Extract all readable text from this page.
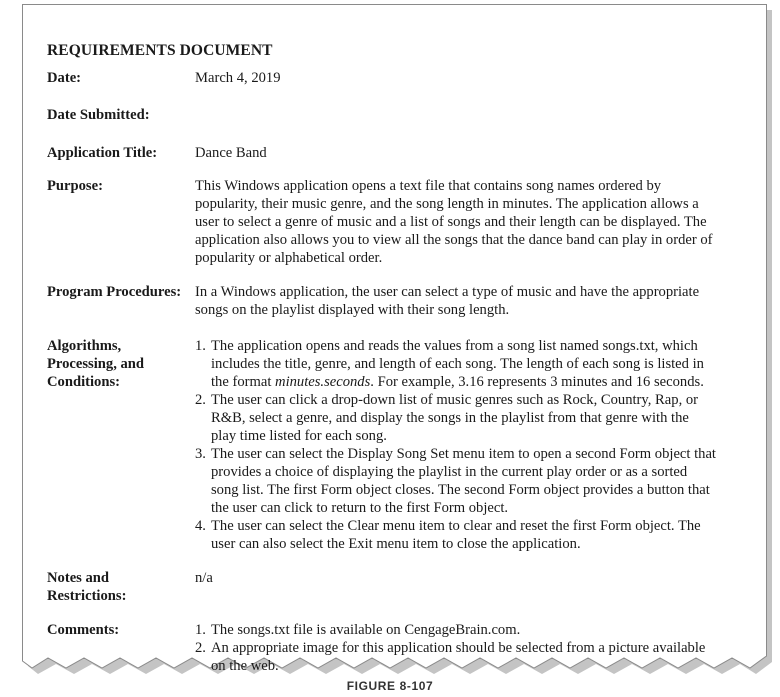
REQUIREMENTS DOCUMENT
Date:	March 4, 2019
Date Submitted:
Application Title:	Dance Band
Purpose:	This Windows application opens a text file that contains song names ordered by popularity, their music genre, and the song length in minutes. The application allows a user to select a genre of music and a list of songs and their length can be displayed. The application also allows you to view all the songs that the dance band can play in order of popularity or alphabetical order.
Program Procedures: In a Windows application, the user can select a type of music and have the appropriate songs on the playlist displayed with their song length.
Algorithms,
Processing, and
Conditions:
1. The application opens and reads the values from a song list named songs.txt, which includes the title, genre, and length of each song. The length of each song is listed in the format minutes.seconds. For example, 3.16 represents 3 minutes and 16 seconds.
2. The user can click a drop-down list of music genres such as Rock, Country, Rap, or R&B, select a genre, and display the songs in the playlist from that genre with the play time listed for each song.
3. The user can select the Display Song Set menu item to open a second Form object that provides a choice of displaying the playlist in the current play order or as a sorted song list. The first Form object closes. The second Form object provides a button that the user can click to return to the first Form object.
4. The user can select the Clear menu item to clear and reset the first Form object. The user can also select the Exit menu item to close the application.
Notes and
Restrictions:
n/a
Comments:	1. The songs.txt file is available on CengageBrain.com.
2. An appropriate image for this application should be selected from a picture available on the web.
FIGURE 8-107
